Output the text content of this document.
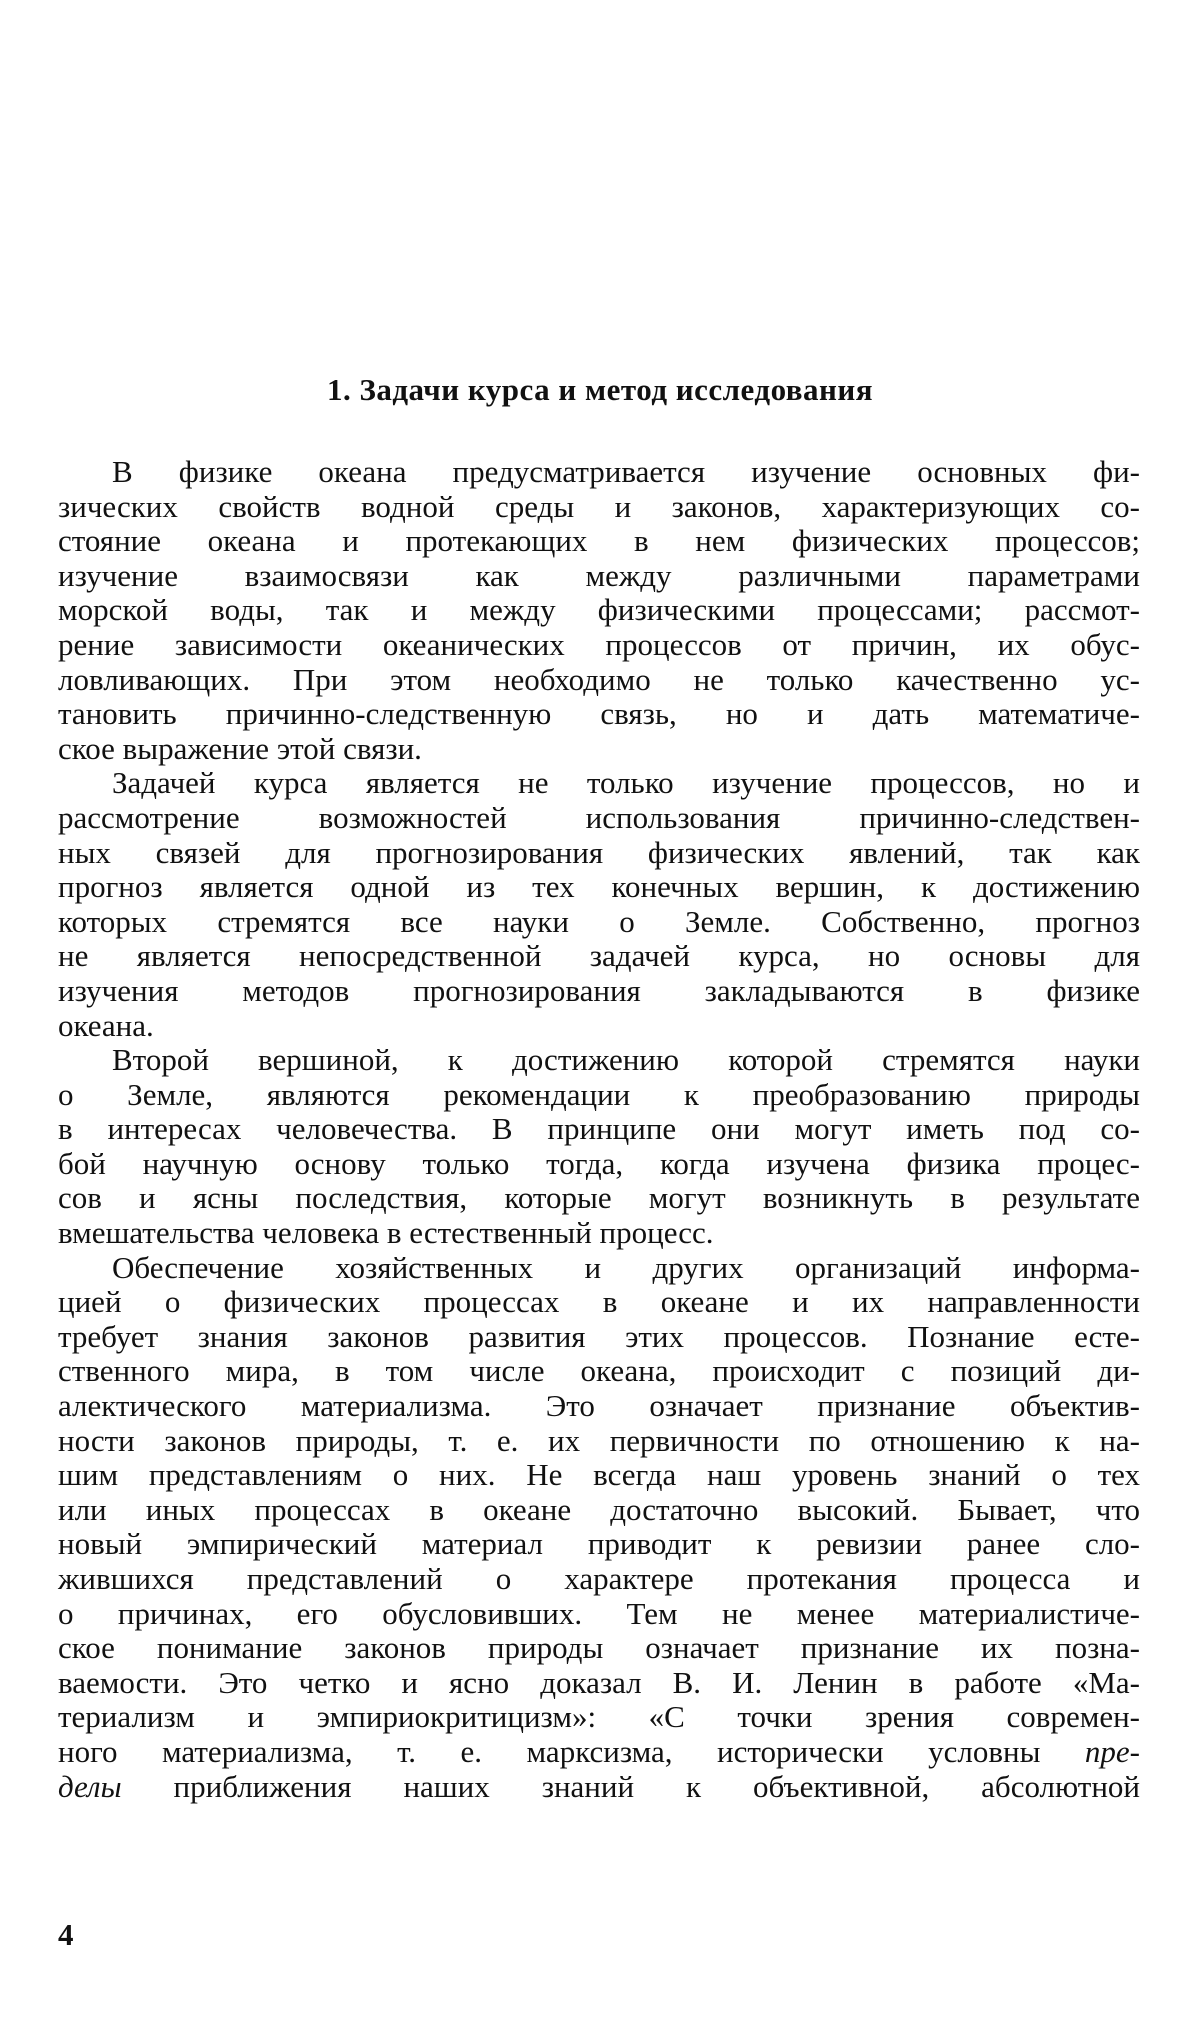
1. Задачи курса и метод исследования
В физике океана предусматривается изучение основных фи-
зических свойств водной среды и законов, характеризующих со-
стояние океана и протекающих в нем физических процессов;
изучение взаимосвязи как между различными параметрами
морской воды, так и между физическими процессами; рассмот-
рение зависимости океанических процессов от причин, их обус-
ловливающих. При этом необходимо не только качественно ус-
тановить причинно-следственную связь, но и дать математиче-
ское выражение этой связи.
Задачей курса является не только изучение процессов, но и
рассмотрение возможностей использования причинно-следствен-
ных связей для прогнозирования физических явлений, так как
прогноз является одной из тех конечных вершин, к достижению
которых стремятся все науки о Земле. Собственно, прогноз
не является непосредственной задачей курса, но основы для
изучения методов прогнозирования закладываются в физике
океана.
Второй вершиной, к достижению которой стремятся науки
о Земле, являются рекомендации к преобразованию природы
в интересах человечества. В принципе они могут иметь под со-
бой научную основу только тогда, когда изучена физика процес-
сов и ясны последствия, которые могут возникнуть в результате
вмешательства человека в естественный процесс.
Обеспечение хозяйственных и других организаций информа-
цией о физических процессах в океане и их направленности
требует знания законов развития этих процессов. Познание есте-
ственного мира, в том числе океана, происходит с позиций ди-
алектического материализма. Это означает признание объектив-
ности законов природы, т. е. их первичности по отношению к на-
шим представлениям о них. Не всегда наш уровень знаний о тех
или иных процессах в океане достаточно высокий. Бывает, что
новый эмпирический материал приводит к ревизии ранее сло-
жившихся представлений о характере протекания процесса и
о причинах, его обусловивших. Тем не менее материалистиче-
ское понимание законов природы означает признание их позна-
ваемости. Это четко и ясно доказал В. И. Ленин в работе «Ма-
териализм и эмпириокритицизм»: «С точки зрения современ-
ного материализма, т. е. марксизма, исторически условны пре-
делы приближения наших знаний к объективной, абсолютной

4
